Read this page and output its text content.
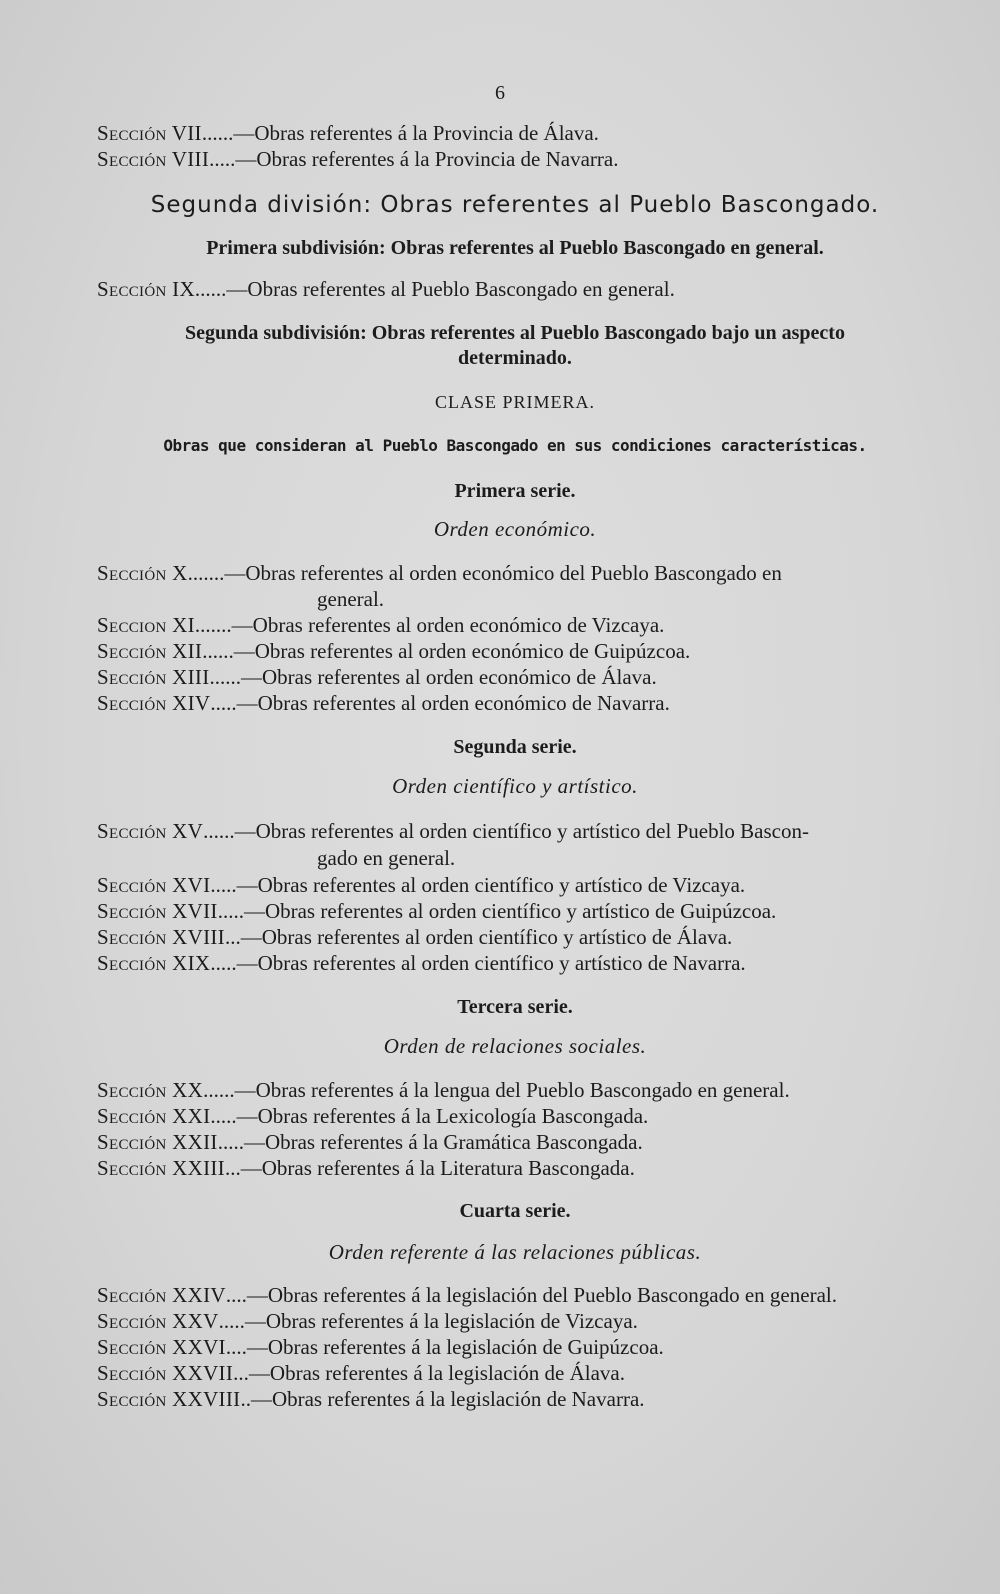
6
Sección VII......—Obras referentes á la Provincia de Álava.
Sección VIII.....—Obras referentes á la Provincia de Navarra.
Segunda división: Obras referentes al Pueblo Bascongado.
Primera subdivisión: Obras referentes al Pueblo Bascongado en general.
Sección IX......—Obras referentes al Pueblo Bascongado en general.
Segunda subdivisión: Obras referentes al Pueblo Bascongado bajo un aspecto
determinado.
CLASE PRIMERA.
Obras que consideran al Pueblo Bascongado en sus condiciones características.
Primera serie.
Orden económico.
Sección X.......—Obras referentes al orden económico del Pueblo Bascongado en
general.
Seccion XI.......—Obras referentes al orden económico de Vizcaya.
Sección XII......—Obras referentes al orden económico de Guipúzcoa.
Sección XIII......—Obras referentes al orden económico de Álava.
Sección XIV.....—Obras referentes al orden económico de Navarra.
Segunda serie.
Orden científico y artístico.
Sección XV......—Obras referentes al orden científico y artístico del Pueblo Bascon-
gado en general.
Sección XVI.....—Obras referentes al orden científico y artístico de Vizcaya.
Sección XVII.....—Obras referentes al orden científico y artístico de Guipúzcoa.
Sección XVIII...—Obras referentes al orden científico y artístico de Álava.
Sección XIX.....—Obras referentes al orden científico y artístico de Navarra.
Tercera serie.
Orden de relaciones sociales.
Sección XX......—Obras referentes á la lengua del Pueblo Bascongado en general.
Sección XXI.....—Obras referentes á la Lexicología Bascongada.
Sección XXII.....—Obras referentes á la Gramática Bascongada.
Sección XXIII...—Obras referentes á la Literatura Bascongada.
Cuarta serie.
Orden referente á las relaciones públicas.
Sección XXIV....—Obras referentes á la legislación del Pueblo Bascongado en general.
Sección XXV.....—Obras referentes á la legislación de Vizcaya.
Sección XXVI....—Obras referentes á la legislación de Guipúzcoa.
Sección XXVII...—Obras referentes á la legislación de Álava.
Sección XXVIII..—Obras referentes á la legislación de Navarra.
